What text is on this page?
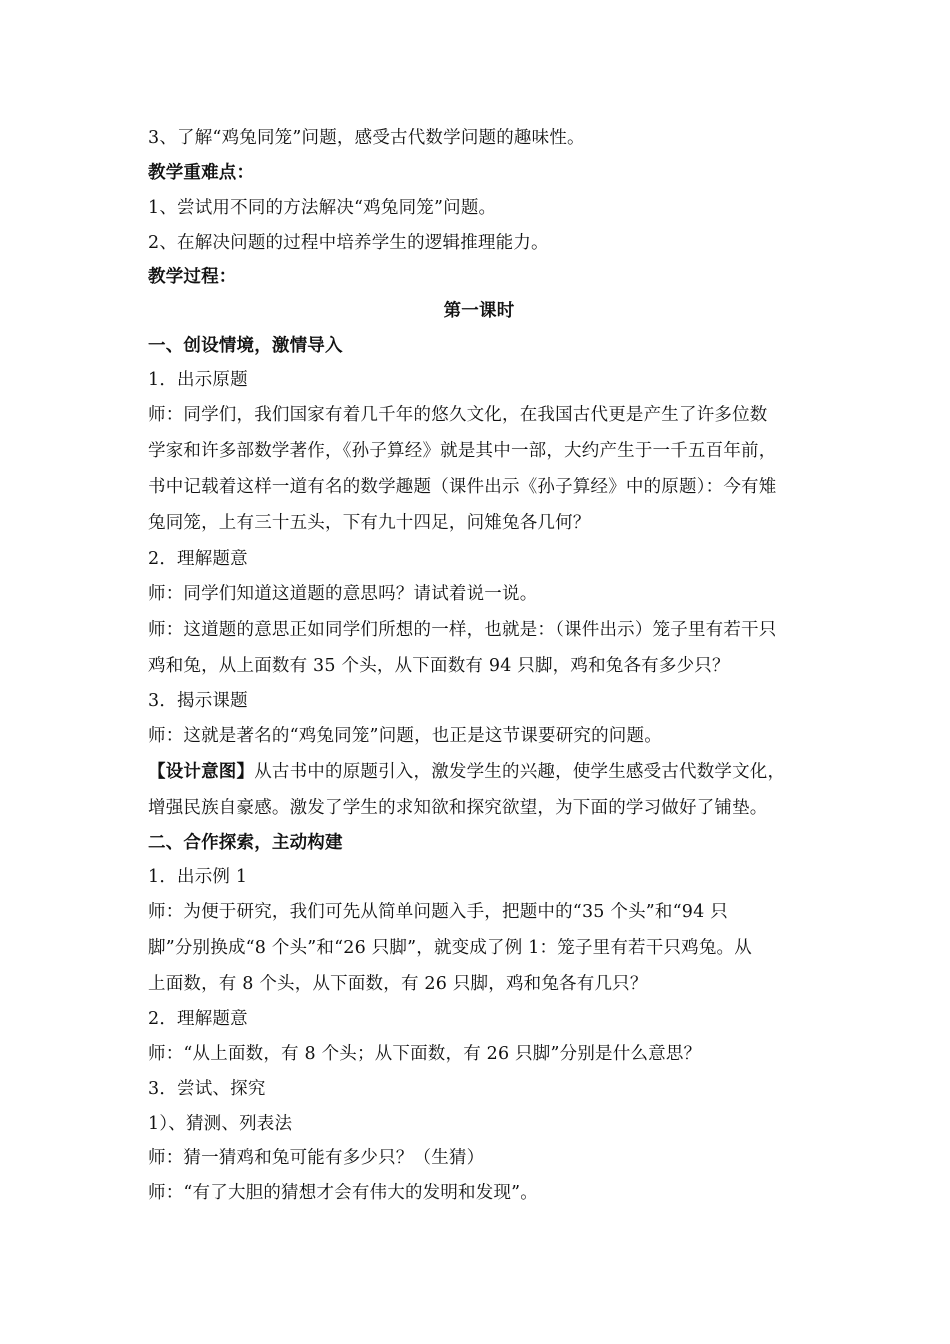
3、了解“鸡兔同笼”问题，感受古代数学问题的趣味性。
教学重难点：
1、尝试用不同的方法解决“鸡兔同笼”问题。
2、在解决问题的过程中培养学生的逻辑推理能力。
教学过程：
第一课时
一、创设情境，激情导入
1．出示原题
师：同学们，我们国家有着几千年的悠久文化，在我国古代更是产生了许多位数
学家和许多部数学著作，《孙子算经》就是其中一部，大约产生于一千五百年前，
书中记载着这样一道有名的数学趣题（课件出示《孙子算经》中的原题）：今有雉
兔同笼，上有三十五头，下有九十四足，问雉兔各几何？
2．理解题意
师：同学们知道这道题的意思吗？请试着说一说。
师：这道题的意思正如同学们所想的一样，也就是：（课件出示）笼子里有若干只
鸡和兔，从上面数有 35 个头，从下面数有 94 只脚，鸡和兔各有多少只？
3．揭示课题
师：这就是著名的“鸡兔同笼”问题，也正是这节课要研究的问题。
【设计意图】从古书中的原题引入，激发学生的兴趣，使学生感受古代数学文化，
增强民族自豪感。激发了学生的求知欲和探究欲望，为下面的学习做好了铺垫。
二、合作探索，主动构建
1．出示例 1
师：为便于研究，我们可先从简单问题入手，把题中的“35 个头”和“94 只
脚”分别换成“8 个头”和“26 只脚”，就变成了例 1：笼子里有若干只鸡兔。从
上面数，有 8 个头，从下面数，有 26 只脚，鸡和兔各有几只？
2．理解题意
师：“从上面数，有 8 个头；从下面数，有 26 只脚”分别是什么意思？
3．尝试、探究
1）、猜测、列表法
师：猜一猜鸡和兔可能有多少只？（生猜）
师：“有了大胆的猜想才会有伟大的发明和发现”。
